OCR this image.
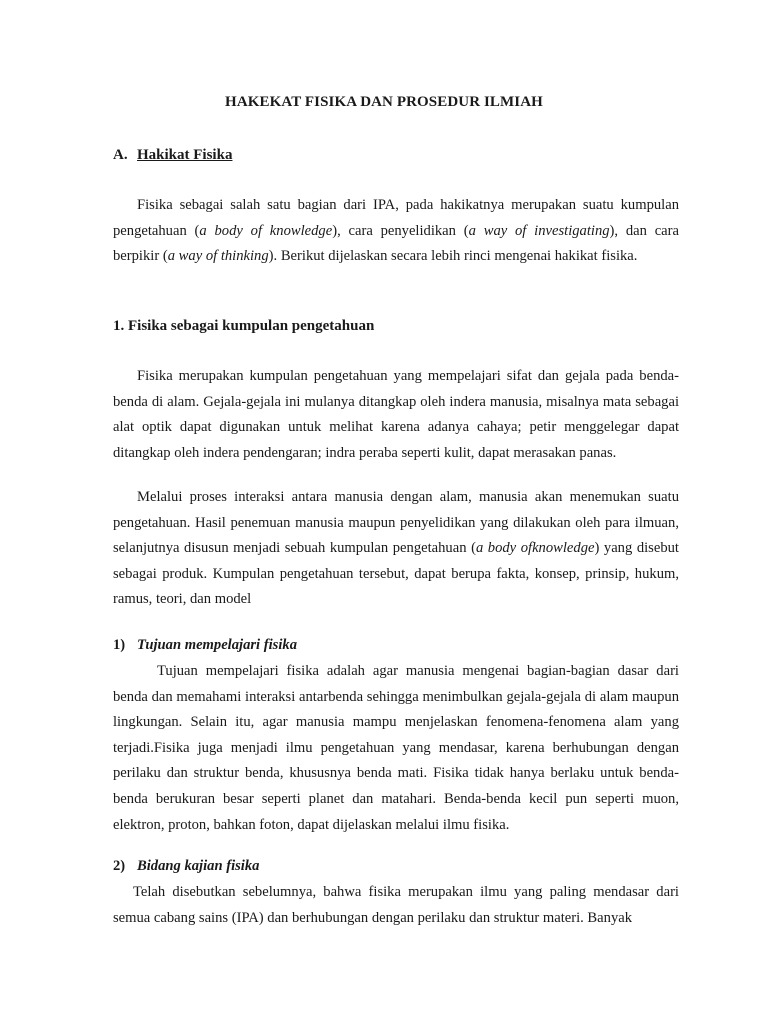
HAKEKAT FISIKA DAN PROSEDUR ILMIAH
A. Hakikat Fisika

Fisika sebagai salah satu bagian dari IPA, pada hakikatnya merupakan suatu kumpulan pengetahuan (a body of knowledge), cara penyelidikan (a way of investigating), dan cara berpikir (a way of thinking). Berikut dijelaskan secara lebih rinci mengenai hakikat fisika.

1. Fisika sebagai kumpulan pengetahuan

Fisika merupakan kumpulan pengetahuan yang mempelajari sifat dan gejala pada benda-benda di alam. Gejala-gejala ini mulanya ditangkap oleh indera manusia, misalnya mata sebagai alat optik dapat digunakan untuk melihat karena adanya cahaya; petir menggelegar dapat ditangkap oleh indera pendengaran; indra peraba seperti kulit, dapat merasakan panas.

Melalui proses interaksi antara manusia dengan alam, manusia akan menemukan suatu pengetahuan. Hasil penemuan manusia maupun penyelidikan yang dilakukan oleh para ilmuan, selanjutnya disusun menjadi sebuah kumpulan pengetahuan (a body ofknowledge) yang disebut sebagai produk. Kumpulan pengetahuan tersebut, dapat berupa fakta, konsep, prinsip, hukum, ramus, teori, dan model

1) Tujuan mempelajari fisika

Tujuan mempelajari fisika adalah agar manusia mengenai bagian-bagian dasar dari benda dan memahami interaksi antarbenda sehingga menimbulkan gejala-gejala di alam maupun lingkungan. Selain itu, agar manusia mampu menjelaskan fenomena-fenomena alam yang terjadi.Fisika juga menjadi ilmu pengetahuan yang mendasar, karena berhubungan dengan perilaku dan struktur benda, khususnya benda mati. Fisika tidak hanya berlaku untuk benda-benda berukuran besar seperti planet dan matahari. Benda-benda kecil pun seperti muon, elektron, proton, bahkan foton, dapat dijelaskan melalui ilmu fisika.

2) Bidang kajian fisika

Telah disebutkan sebelumnya, bahwa fisika merupakan ilmu yang paling mendasar dari semua cabang sains (IPA) dan berhubungan dengan perilaku dan struktur materi. Banyak
